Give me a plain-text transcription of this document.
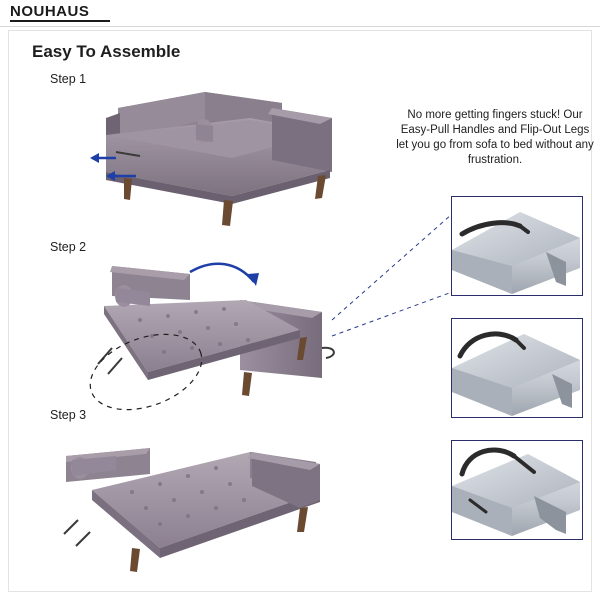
NOUHAUS
Easy To Assemble
Step 1
Step 2
Step 3
No more getting fingers stuck! Our Easy-Pull Handles and Flip-Out Legs let you go from sofa to bed without any frustration.
